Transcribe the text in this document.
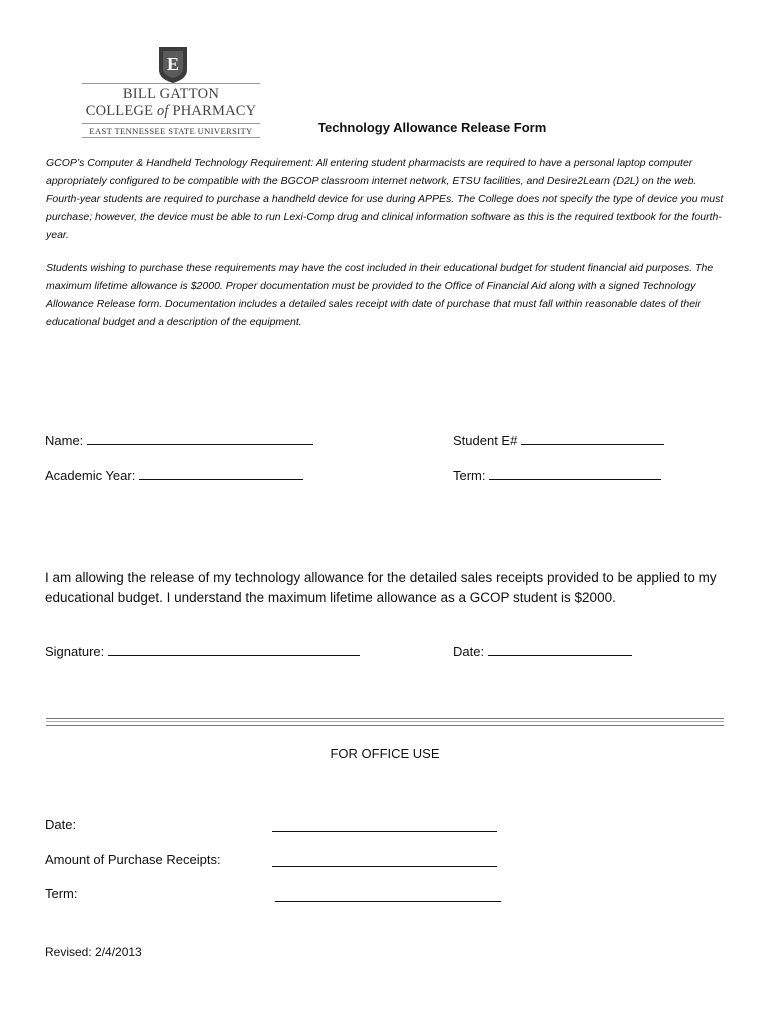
E
BILL GATTON
COLLEGE of PHARMACY
EAST TENNESSEE STATE UNIVERSITY	Technology Allowance Release Form
GCOP’s Computer & Handheld Technology Requirement: All entering student pharmacists are required to have a personal laptop computer appropriately configured to be compatible with the BGCOP classroom internet network, ETSU facilities, and Desire2Learn (D2L) on the web. Fourth-year students are required to purchase a handheld device for use during APPEs. The College does not specify the type of device you must purchase; however, the device must be able to run Lexi-Comp drug and clinical information software as this is the required textbook for the fourth-year.
Students wishing to purchase these requirements may have the cost included in their educational budget for student financial aid purposes. The maximum lifetime allowance is $2000. Proper documentation must be provided to the Office of Financial Aid along with a signed Technology Allowance Release form. Documentation includes a detailed sales receipt with date of purchase that must fall within reasonable dates of their educational budget and a description of the equipment.
Name:	Student E#
Academic Year:	Term:
I am allowing the release of my technology allowance for the detailed sales receipts provided to be applied to my educational budget. I understand the maximum lifetime allowance as a GCOP student is $2000.
Signature:	Date:
FOR OFFICE USE
Date:
Amount of Purchase Receipts:
Term:
Revised: 2/4/2013
